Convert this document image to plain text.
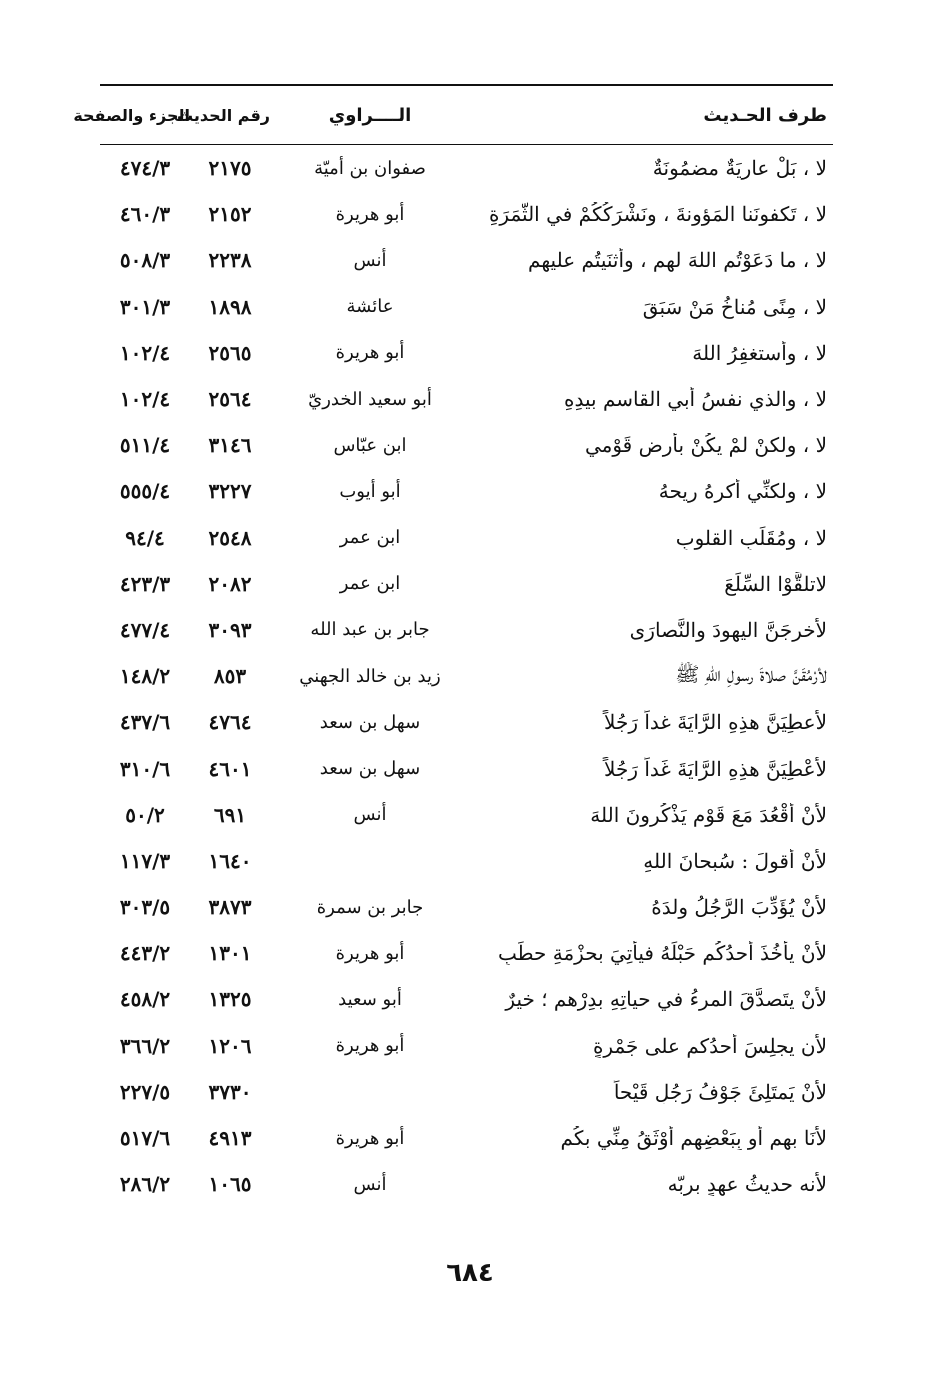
طرف الحـديث
الــــراوي
رقم الحديث
الجزء والصفحة
لا ، بَلْ عاريَةٌ مضمُونَةٌ
صفوان بن أميّة
٢١٧٥
٤٧٤/٣
لا ، تَكفونَنا المَؤونةَ ، ونَشْرَكُكُمْ في الثَّمَرَةِ
أبو هريرة
٢١٥٢
٤٦٠/٣
لا ، ما دَعَوْتُم اللهَ لهم ، وأثنَيتُم عليهم
أنس
٢٢٣٨
٥٠٨/٣
لا ، مِنًى مُناخُ مَنْ سَبَقَ
عائشة
١٨٩٨
٣٠١/٣
لا ، وأستغفِرُ اللهَ
أبو هريرة
٢٥٦٥
١٠٢/٤
لا ، والذي نفسُ أبي القاسمِ بيدِهِ
أبو سعيد الخدريّ
٢٥٦٤
١٠٢/٤
لا ، ولكنْ لمْ يكُنْ بأرضِ قَوْمي
ابن عبّاس
٣١٤٦
٥١١/٤
لا ، ولكنِّي أكرهُ ريحهُ
أبو أيوب
٣٢٢٧
٥٥٥/٤
لا ، ومُقَلِّبِ القلوبِ
ابن عمر
٢٥٤٨
٩٤/٤
لاتلقَّوْا السِّلَعَ
ابن عمر
٢٠٨٢
٤٢٣/٣
لأُخرِجَنَّ اليهودَ والنَّصارَى
جابر بن عبد الله
٣٠٩٣
٤٧٧/٤
لأرْمُقَنَّ صلاةَ رسولِ اللهِ ﷺ
زيد بن خالد الجهني
٨٥٣
١٤٨/٢
لأعطِيَنَّ هذِهِ الرَّايَةَ غداً رَجُلاً
سهل بن سعد
٤٧٦٤
٤٣٧/٦
لأُعْطِيَنَّ هذِهِ الرَّايَةَ غَداً رَجُلاً
سهل بن سعد
٤٦٠١
٣١٠/٦
لأَنْ أَقْعُدَ مَعَ قَوْمٍ يَذْكُرونَ اللهَ
أنس
٦٩١
٥٠/٢
لأنْ أقولَ : سُبحانَ اللهِ
١٦٤٠
١١٧/٣
لأنْ يُؤَدِّبَ الرَّجُلُ ولدَهُ
جابر بن سمرة
٣٨٧٣
٣٠٣/٥
لأنْ يأخُذَ أحدُكُم حَبْلَهُ فيأتِيَ بحزْمَةِ حطَبٍ
أبو هريرة
١٣٠١
٤٤٣/٢
لأنْ يتَصدَّقَ المرءُ في حياتِهِ بدِرْهمٍ ؛ خيرٌ
أبو سعيد
١٣٢٥
٤٥٨/٢
لأن يجلِسَ أحدُكم على جَمْرةٍ
أبو هريرة
١٢٠٦
٣٦٦/٢
لأنْ يَمتَلِئَ جَوْفُ رَجُلٍ قَيْحاً
٣٧٣٠
٢٢٧/٥
لأنَا بهم أو بِبَعْضِهِم أَوْثَقُ مِنِّي بكُم
أبو هريرة
٤٩١٣
٥١٧/٦
لأنه حديثُ عهدٍ بربّه
أنس
١٠٦٥
٢٨٦/٢
٦٨٤
